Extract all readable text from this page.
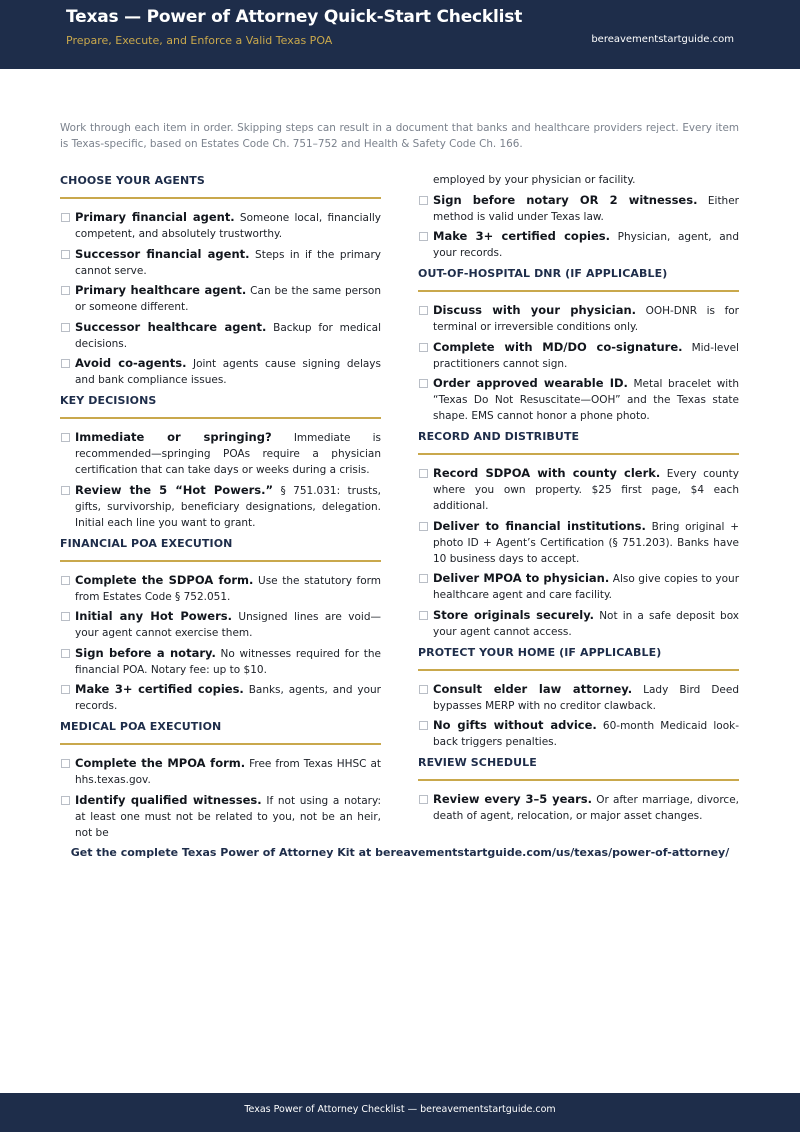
Texas — Power of Attorney Quick-Start Checklist
Prepare, Execute, and Enforce a Valid Texas POA	bereavementstartguide.com
Work through each item in order. Skipping steps can result in a document that banks and healthcare providers reject. Every item is Texas-specific, based on Estates Code Ch. 751–752 and Health & Safety Code Ch. 166.
CHOOSE YOUR AGENTS
Primary financial agent. Someone local, financially competent, and absolutely trustworthy.
Successor financial agent. Steps in if the primary cannot serve.
Primary healthcare agent. Can be the same person or someone different.
Successor healthcare agent. Backup for medical decisions.
Avoid co-agents. Joint agents cause signing delays and bank compliance issues.
KEY DECISIONS
Immediate or springing? Immediate is recommended—springing POAs require a physician certification that can take days or weeks during a crisis.
Review the 5 “Hot Powers.” § 751.031: trusts, gifts, survivorship, beneficiary designations, delegation. Initial each line you want to grant.
FINANCIAL POA EXECUTION
Complete the SDPOA form. Use the statutory form from Estates Code § 752.051.
Initial any Hot Powers. Unsigned lines are void—your agent cannot exercise them.
Sign before a notary. No witnesses required for the financial POA. Notary fee: up to $10.
Make 3+ certified copies. Banks, agents, and your records.
MEDICAL POA EXECUTION
Complete the MPOA form. Free from Texas HHSC at hhs.texas.gov.
Identify qualified witnesses. If not using a notary: at least one must not be related to you, not be an heir, not be
employed by your physician or facility.
Sign before notary OR 2 witnesses. Either method is valid under Texas law.
Make 3+ certified copies. Physician, agent, and your records.
OUT-OF-HOSPITAL DNR (IF APPLICABLE)
Discuss with your physician. OOH-DNR is for terminal or irreversible conditions only.
Complete with MD/DO co-signature. Mid-level practitioners cannot sign.
Order approved wearable ID. Metal bracelet with “Texas Do Not Resuscitate—OOH” and the Texas state shape. EMS cannot honor a phone photo.
RECORD AND DISTRIBUTE
Record SDPOA with county clerk. Every county where you own property. $25 first page, $4 each additional.
Deliver to financial institutions. Bring original + photo ID + Agent’s Certification (§ 751.203). Banks have 10 business days to accept.
Deliver MPOA to physician. Also give copies to your healthcare agent and care facility.
Store originals securely. Not in a safe deposit box your agent cannot access.
PROTECT YOUR HOME (IF APPLICABLE)
Consult elder law attorney. Lady Bird Deed bypasses MERP with no creditor clawback.
No gifts without advice. 60-month Medicaid look-back triggers penalties.
REVIEW SCHEDULE
Review every 3–5 years. Or after marriage, divorce, death of agent, relocation, or major asset changes.
Get the complete Texas Power of Attorney Kit at bereavementstartguide.com/us/texas/power-of-attorney/
Texas Power of Attorney Checklist — bereavementstartguide.com
